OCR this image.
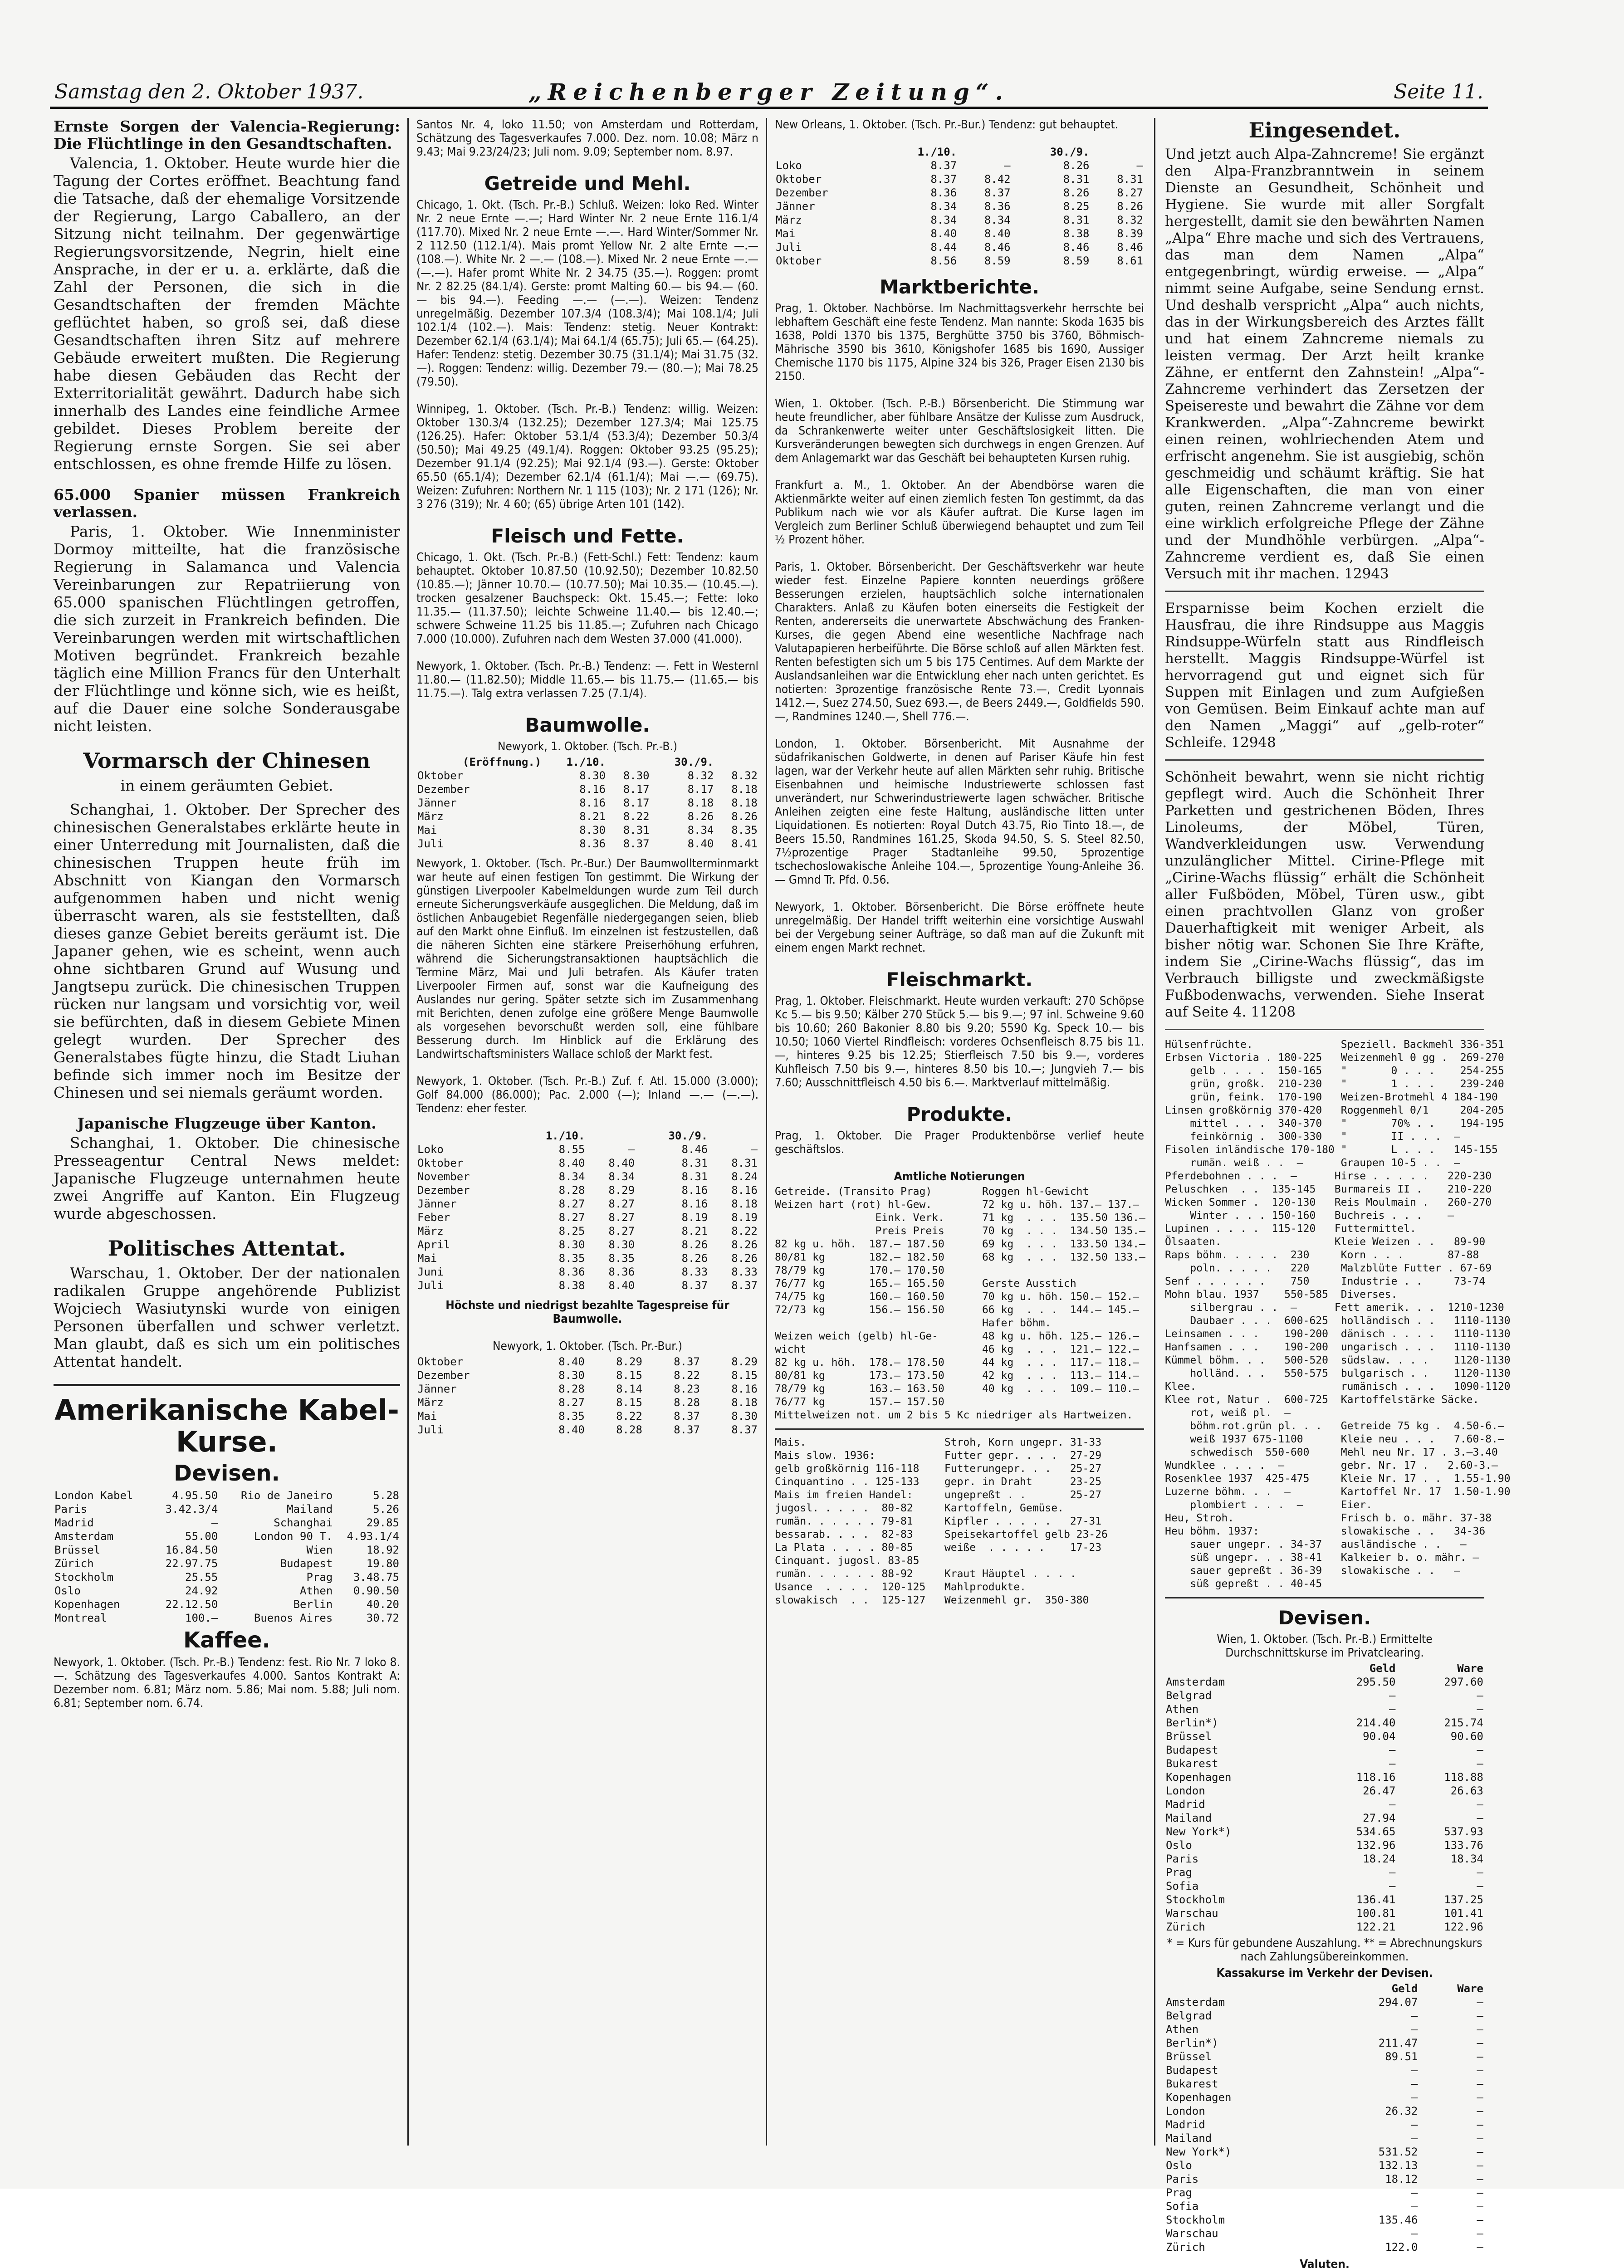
Samstag den 2. Oktober 1937.	„Reichenberger Zeitung“.	Seite 11.
Ernste Sorgen der Valencia-Regierung: Die Flüchtlinge in den Gesandtschaften.

Valencia, 1. Oktober. Heute wurde hier die Tagung der Cortes eröffnet. Beachtung fand die Tatsache, daß der ehemalige Vorsitzende der Regierung, Largo Caballero, an der Sitzung nicht teilnahm. Der gegenwärtige Regierungsvorsitzende, Negrin, hielt eine Ansprache, in der er u. a. erklärte, daß die Zahl der Personen, die sich in die Gesandtschaften der fremden Mächte geflüchtet haben, so groß sei, daß diese Gesandtschaften ihren Sitz auf mehrere Gebäude erweitert mußten. Die Regierung habe diesen Gebäuden das Recht der Exterritorialität gewährt. Dadurch habe sich innerhalb des Landes eine feindliche Armee gebildet. Dieses Problem bereite der Regierung ernste Sorgen. Sie sei aber entschlossen, es ohne fremde Hilfe zu lösen.

65.000 Spanier müssen Frankreich verlassen.

Paris, 1. Oktober. Wie Innenminister Dormoy mitteilte, hat die französische Regierung in Salamanca und Valencia Vereinbarungen zur Repatriierung von 65.000 spanischen Flüchtlingen getroffen, die sich zurzeit in Frankreich befinden. Die Vereinbarungen werden mit wirtschaftlichen Motiven begründet. Frankreich bezahle täglich eine Million Francs für den Unterhalt der Flüchtlinge und könne sich, wie es heißt, auf die Dauer eine solche Sonderausgabe nicht leisten.

Vormarsch der Chinesen
in einem geräumten Gebiet.

Schanghai, 1. Oktober. Der Sprecher des chinesischen Generalstabes erklärte heute in einer Unterredung mit Journalisten, daß die chinesischen Truppen heute früh im Abschnitt von Kiangan den Vormarsch aufgenommen haben und nicht wenig überrascht waren, als sie feststellten, daß dieses ganze Gebiet bereits geräumt ist. Die Japaner gehen, wie es scheint, wenn auch ohne sichtbaren Grund auf Wusung und Jangtsepu zurück. Die chinesischen Truppen rücken nur langsam und vorsichtig vor, weil sie befürchten, daß in diesem Gebiete Minen gelegt wurden. Der Sprecher des Generalstabes fügte hinzu, die Stadt Liuhan befinde sich immer noch im Besitze der Chinesen und sei niemals geräumt worden.

Japanische Flugzeuge über Kanton.

Schanghai, 1. Oktober. Die chinesische Presseagentur Central News meldet: Japanische Flugzeuge unternahmen heute zwei Angriffe auf Kanton. Ein Flugzeug wurde abgeschossen.

Politisches Attentat.

Warschau, 1. Oktober. Der der nationalen radikalen Gruppe angehörende Publizist Wojciech Wasiutynski wurde von einigen Personen überfallen und schwer verletzt. Man glaubt, daß es sich um ein politisches Attentat handelt.

Amerikanische Kabel-Kurse.
Devisen.
London Kabel	4.95.50	Rio de Janeiro	5.28
Paris	3.42.3/4	Mailand	5.26
Madrid	—	Schanghai	29.85
Amsterdam	55.00	London 90 T.	4.93.1/4
Brüssel	16.84.50	Wien	18.92
Zürich	22.97.75	Budapest	19.80
Stockholm	25.55	Prag	3.48.75
Oslo	24.92	Athen	0.90.50
Kopenhagen	22.12.50	Berlin	40.20
Montreal	100.—	Buenos Aires	30.72
Kaffee.
Newyork, 1. Oktober. (Tsch. Pr.-B.) Tendenz: fest. Rio Nr. 7 loko 8.—. Schätzung des Tagesverkaufes 4.000. Santos Kontrakt A: Dezember nom. 6.81; März nom. 5.86; Mai nom. 5.88; Juli nom. 6.81; September nom. 6.74.
Santos Nr. 4, loko 11.50; von Amsterdam und Rotterdam, Schätzung des Tagesverkaufes 7.000. Dez. nom. 10.08; März n 9.43; Mai 9.23/24/23; Juli nom. 9.09; September nom. 8.97.
Getreide und Mehl.
Chicago, 1. Okt. (Tsch. Pr.-B.) Schluß. Weizen: loko Red. Winter Nr. 2 neue Ernte —.—; Hard Winter Nr. 2 neue Ernte 116.1/4 (117.70). Mixed Nr. 2 neue Ernte —.—. Hard Winter/Sommer Nr. 2 112.50 (112.1/4). Mais promt Yellow Nr. 2 alte Ernte —.— (108.—). White Nr. 2 —.— (108.—). Mixed Nr. 2 neue Ernte —.— (—.—). Hafer promt White Nr. 2 34.75 (35.—). Roggen: promt Nr. 2 82.25 (84.1/4). Gerste: promt Malting 60.— bis 94.— (60.— bis 94.—). Feeding —.— (—.—). Weizen: Tendenz unregelmäßig. Dezember 107.3/4 (108.3/4); Mai 108.1/4; Juli 102.1/4 (102.—). Mais: Tendenz: stetig. Neuer Kontrakt: Dezember 62.1/4 (63.1/4); Mai 64.1/4 (65.75); Juli 65.— (64.25). Hafer: Tendenz: stetig. Dezember 30.75 (31.1/4); Mai 31.75 (32.—). Roggen: Tendenz: willig. Dezember 79.— (80.—); Mai 78.25 (79.50).
Winnipeg, 1. Oktober. (Tsch. Pr.-B.) Tendenz: willig. Weizen: Oktober 130.3/4 (132.25); Dezember 127.3/4; Mai 125.75 (126.25). Hafer: Oktober 53.1/4 (53.3/4); Dezember 50.3/4 (50.50); Mai 49.25 (49.1/4). Roggen: Oktober 93.25 (95.25); Dezember 91.1/4 (92.25); Mai 92.1/4 (93.—). Gerste: Oktober 65.50 (65.1/4); Dezember 62.1/4 (61.1/4); Mai —.— (69.75). Weizen: Zufuhren: Northern Nr. 1 115 (103); Nr. 2 171 (126); Nr. 3 276 (319); Nr. 4 60; (65) übrige Arten 101 (142).
Fleisch und Fette.
Chicago, 1. Okt. (Tsch. Pr.-B.) (Fett-Schl.) Fett: Tendenz: kaum behauptet. Oktober 10.87.50 (10.92.50); Dezember 10.82.50 (10.85.—); Jänner 10.70.— (10.77.50); Mai 10.35.— (10.45.—). trocken gesalzener Bauchspeck: Okt. 15.45.—; Fette: loko 11.35.— (11.37.50); leichte Schweine 11.40.— bis 12.40.—; schwere Schweine 11.25 bis 11.85.—; Zufuhren nach Chicago 7.000 (10.000). Zufuhren nach dem Westen 37.000 (41.000).
Newyork, 1. Oktober. (Tsch. Pr.-B.) Tendenz: —. Fett in Westernl 11.80.— (11.82.50); Middle 11.65.— bis 11.75.— (11.65.— bis 11.75.—). Talg extra verlassen 7.25 (7.1/4).
Baumwolle.
Newyork, 1. Oktober. (Tsch. Pr.-B.)
(Eröffnung.)	1./10.		30./9.	
Oktober	8.30	8.30	8.32	8.32
Dezember	8.16	8.17	8.17	8.18
Jänner	8.16	8.17	8.18	8.18
März	8.21	8.22	8.26	8.26
Mai	8.30	8.31	8.34	8.35
Juli	8.36	8.37	8.40	8.41
Newyork, 1. Oktober. (Tsch. Pr.-Bur.) Der Baumwollterminmarkt war heute auf einen festigen Ton gestimmt. Die Wirkung der günstigen Liverpooler Kabelmeldungen wurde zum Teil durch erneute Sicherungsverkäufe ausgeglichen. Die Meldung, daß im östlichen Anbaugebiet Regenfälle niedergegangen seien, blieb auf den Markt ohne Einfluß. Im einzelnen ist festzustellen, daß die näheren Sichten eine stärkere Preiserhöhung erfuhren, während die Sicherungstransaktionen hauptsächlich die Termine März, Mai und Juli betrafen. Als Käufer traten Liverpooler Firmen auf, sonst war die Kaufneigung des Auslandes nur gering. Später setzte sich im Zusammenhang mit Berichten, denen zufolge eine größere Menge Baumwolle als vorgesehen bevorschußt werden soll, eine fühlbare Besserung durch. Im Hinblick auf die Erklärung des Landwirtschaftsministers Wallace schloß der Markt fest.
Newyork, 1. Oktober. (Tsch. Pr.-B.) Zuf. f. Atl. 15.000 (3.000); Golf 84.000 (86.000); Pac. 2.000 (—); Inland —.— (—.—). Tendenz: eher fester.
	1./10.		30./9.	
Loko	8.55	—	8.46	—
Oktober	8.40	8.40	8.31	8.31
November	8.34	8.34	8.31	8.24
Dezember	8.28	8.29	8.16	8.16
Jänner	8.27	8.27	8.16	8.18
Feber	8.27	8.27	8.19	8.19
März	8.25	8.27	8.21	8.22
April	8.30	8.30	8.26	8.26
Mai	8.35	8.35	8.26	8.26
Juni	8.36	8.36	8.33	8.33
Juli	8.38	8.40	8.37	8.37
Höchste und niedrigst bezahlte Tagespreise für Baumwolle.
Newyork, 1. Oktober. (Tsch. Pr.-Bur.)
Oktober	8.40	8.29	8.37	8.29
Dezember	8.30	8.15	8.22	8.15
Jänner	8.28	8.14	8.23	8.16
März	8.27	8.15	8.28	8.18
Mai	8.35	8.22	8.37	8.30
Juli	8.40	8.28	8.37	8.37
New Orleans, 1. Oktober. (Tsch. Pr.-Bur.) Tendenz: gut behauptet.
	1./10.		30./9.	
Loko	8.37	—	8.26	—
Oktober	8.37	8.42	8.31	8.31
Dezember	8.36	8.37	8.26	8.27
Jänner	8.34	8.36	8.25	8.26
März	8.34	8.34	8.31	8.32
Mai	8.40	8.40	8.38	8.39
Juli	8.44	8.46	8.46	8.46
Oktober	8.56	8.59	8.59	8.61
Marktberichte.
Prag, 1. Oktober. Nachbörse. Im Nachmittagsverkehr herrschte bei lebhaftem Geschäft eine feste Tendenz. Man nannte: Skoda 1635 bis 1638, Poldi 1370 bis 1375, Berghütte 3750 bis 3760, Böhmisch-Mährische 3590 bis 3610, Königshofer 1685 bis 1690, Aussiger Chemische 1170 bis 1175, Alpine 324 bis 326, Prager Eisen 2130 bis 2150.
Wien, 1. Oktober. (Tsch. P.-B.) Börsenbericht. Die Stimmung war heute freundlicher, aber fühlbare Ansätze der Kulisse zum Ausdruck, da Schrankenwerte weiter unter Geschäftslosigkeit litten. Die Kursveränderungen bewegten sich durchwegs in engen Grenzen. Auf dem Anlagemarkt war das Geschäft bei behaupteten Kursen ruhig.
Frankfurt a. M., 1. Oktober. An der Abendbörse waren die Aktienmärkte weiter auf einen ziemlich festen Ton gestimmt, da das Publikum nach wie vor als Käufer auftrat. Die Kurse lagen im Vergleich zum Berliner Schluß überwiegend behauptet und zum Teil ½ Prozent höher.
Paris, 1. Oktober. Börsenbericht. Der Geschäftsverkehr war heute wieder fest. Einzelne Papiere konnten neuerdings größere Besserungen erzielen, hauptsächlich solche internationalen Charakters. Anlaß zu Käufen boten einerseits die Festigkeit der Renten, andererseits die unerwartete Abschwächung des Franken-Kurses, die gegen Abend eine wesentliche Nachfrage nach Valutapapieren herbeiführte. Die Börse schloß auf allen Märkten fest. Renten befestigten sich um 5 bis 175 Centimes. Auf dem Markte der Auslandsanleihen war die Entwicklung eher nach unten gerichtet. Es notierten: 3prozentige französische Rente 73.—, Credit Lyonnais 1412.—, Suez 274.50, Suez 693.—, de Beers 2449.—, Goldfields 590.—, Randmines 1240.—, Shell 776.—.
London, 1. Oktober. Börsenbericht. Mit Ausnahme der südafrikanischen Goldwerte, in denen auf Pariser Käufe hin fest lagen, war der Verkehr heute auf allen Märkten sehr ruhig. Britische Eisenbahnen und heimische Industriewerte schlossen fast unverändert, nur Schwerindustriewerte lagen schwächer. Britische Anleihen zeigten eine feste Haltung, ausländische litten unter Liquidationen. Es notierten: Royal Dutch 43.75, Rio Tinto 18.—, de Beers 15.50, Randmines 161.25, Skoda 94.50, S. S. Steel 82.50, 7½prozentige Prager Stadtanleihe 99.50, 5prozentige tschechoslowakische Anleihe 104.—, 5prozentige Young-Anleihe 36.— Gmnd Tr. Pfd. 0.56.
Newyork, 1. Oktober. Börsenbericht. Die Börse eröffnete heute unregelmäßig. Der Handel trifft weiterhin eine vorsichtige Auswahl bei der Vergebung seiner Aufträge, so daß man auf die Zukunft mit einem engen Markt rechnet.
Fleischmarkt.
Prag, 1. Oktober. Fleischmarkt. Heute wurden verkauft: 270 Schöpse Kc 5.— bis 9.50; Kälber 270 Stück 5.— bis 9.—; 97 inl. Schweine 9.60 bis 10.60; 260 Bakonier 8.80 bis 9.20; 5590 Kg. Speck 10.— bis 10.50; 1060 Viertel Rindfleisch: vorderes Ochsenfleisch 8.75 bis 11.—, hinteres 9.25 bis 12.25; Stierfleisch 7.50 bis 9.—, vorderes Kuhfleisch 7.50 bis 9.—, hinteres 8.50 bis 10.—; Jungvieh 7.— bis 7.60; Ausschnittfleisch 4.50 bis 6.—. Marktverlauf mittelmäßig.
Produkte.
Prag, 1. Oktober. Die Prager Produktenbörse verlief heute geschäftslos.
Amtliche Notierungen
Getreide. (Transito Prag)        Roggen hl-Gewicht
Weizen hart (rot) hl-Gew.        72 kg u. höh. 137.— 137.—
Eink. Verk.      71 kg  . . .  135.50 136.—
Preis Preis      70 kg  . . .  134.50 135.—
82 kg u. höh.  187.— 187.50      69 kg  . . .  133.50 134.—
80/81 kg       182.— 182.50      68 kg  . . .  132.50 133.—
78/79 kg       170.— 170.50
76/77 kg       165.— 165.50      Gerste Ausstich
74/75 kg       160.— 160.50      70 kg u. höh. 150.— 152.—
72/73 kg       156.— 156.50      66 kg  . . .  144.— 145.—
Hafer böhm.
Weizen weich (gelb) hl-Ge-       48 kg u. höh. 125.— 126.—
wicht                            46 kg  . . .  121.— 122.—
82 kg u. höh.  178.— 178.50      44 kg  . . .  117.— 118.—
80/81 kg       173.— 173.50      42 kg  . . .  113.— 114.—
78/79 kg       163.— 163.50      40 kg  . . .  109.— 110.—
76/77 kg       157.— 157.50
Mittelweizen not. um 2 bis 5 Kc niedriger als Hartweizen.
Mais.                      Stroh, Korn ungepr. 31-33
Mais slow. 1936:           Futter gepr. . . .  27-29
gelb großkörnig 116-118    Futterungepr. . .   25-27
Cinquantino . . 125-133    gepr. in Draht      23-25
Mais im freien Handel:     ungepreßt . .       25-27
jugosl. . . . .  80-82     Kartoffeln, Gemüse.
rumän. . . . . . 79-81     Kipfler . . . . .   27-31
bessarab. . . .  82-83     Speisekartoffel gelb 23-26
La Plata . . . . 80-85     weiße  . . . . .    17-23
Cinquant. jugosl. 83-85
rumän. . . . . . 88-92     Kraut Häuptel . . . .
Usance  . . . .  120-125   Mahlprodukte.
slowakisch  . .  125-127   Weizenmehl gr.  350-380
Eingesendet.
Und jetzt auch Alpa-Zahncreme! Sie ergänzt den Alpa-Franzbranntwein in seinem Dienste an Gesundheit, Schönheit und Hygiene. Sie wurde mit aller Sorgfalt hergestellt, damit sie den bewährten Namen „Alpa“ Ehre mache und sich des Vertrauens, das man dem Namen „Alpa“ entgegenbringt, würdig erweise. — „Alpa“ nimmt seine Aufgabe, seine Sendung ernst. Und deshalb verspricht „Alpa“ auch nichts, das in der Wirkungsbereich des Arztes fällt und hat einem Zahncreme niemals zu leisten vermag. Der Arzt heilt kranke Zähne, er entfernt den Zahnstein! „Alpa“-Zahncreme verhindert das Zersetzen der Speisereste und bewahrt die Zähne vor dem Krankwerden. „Alpa“-Zahncreme bewirkt einen reinen, wohlriechenden Atem und erfrischt angenehm. Sie ist ausgiebig, schön geschmeidig und schäumt kräftig. Sie hat alle Eigenschaften, die man von einer guten, reinen Zahncreme verlangt und die eine wirklich erfolgreiche Pflege der Zähne und der Mundhöhle verbürgen. „Alpa“-Zahncreme verdient es, daß Sie einen Versuch mit ihr machen. 12943
Ersparnisse beim Kochen erzielt die Hausfrau, die ihre Rindsuppe aus Maggis Rindsuppe-Würfeln statt aus Rindfleisch herstellt. Maggis Rindsuppe-Würfel ist hervorragend gut und eignet sich für Suppen mit Einlagen und zum Aufgießen von Gemüsen. Beim Einkauf achte man auf den Namen „Maggi“ auf „gelb-roter“ Schleife. 12948
Schönheit bewahrt, wenn sie nicht richtig gepflegt wird. Auch die Schönheit Ihrer Parketten und gestrichenen Böden, Ihres Linoleums, der Möbel, Türen, Wandverkleidungen usw. Verwendung unzulänglicher Mittel. Cirine-Pflege mit „Cirine-Wachs flüssig“ erhält die Schönheit aller Fußböden, Möbel, Türen usw., gibt einen prachtvollen Glanz von großer Dauerhaftigkeit mit weniger Arbeit, als bisher nötig war. Schonen Sie Ihre Kräfte, indem Sie „Cirine-Wachs flüssig“, das im Verbrauch billigste und zweckmäßigste Fußbodenwachs, verwenden. Siehe Inserat auf Seite 4. 11208
Hülsenfrüchte.              Speziell. Backmehl 336-351
Erbsen Victoria . 180-225   Weizenmehl 0 gg .  269-270
gelb . . . .  150-165   "       0 . . .    254-255
grün, großk.  210-230   "       1 . . .    239-240
grün, feink.  170-190   Weizen-Brotmehl 4 184-190
Linsen großkörnig 370-420   Roggenmehl 0/1     204-205
mittel . . .  340-370   "       70% . .    194-195
feinkörnig .  300-330   "       II . . .  —
Fisolen inländische 170-180 "       L . . .   145-155
rumän. weiß . .  —      Graupen 10-5 . .  —
Pferdebohnen . . .  —      Hirse . . . . .   220-230
Peluschken  . .  135-145   Burmareis II .    210-220
Wicken Sommer .  120-130   Reis Moulmain .   260-270
Winter . . . 150-160   Buchreis . . .    —
Lupinen . . . .  115-120   Futtermittel.
Ölsaaten.                  Kleie Weizen . .   89-90
Raps böhm. . . . .  230     Korn . . .       87-88
poln. . . . .   220     Malzblüte Futter . 67-69
Senf . . . . . .    750     Industrie . .     73-74
Mohn blau. 1937    550-585  Diverses.
silbergrau . .  —      Fett amerik. . .  1210-1230
Daubaer . . .  600-625  holländisch . .   1110-1130
Leinsamen . . .    190-200  dänisch . . . .   1110-1130
Hanfsamen . . .    190-200  ungarisch . . .   1110-1130
Kümmel böhm. . .   500-520  südslaw. . . .    1120-1130
holländ. . .   550-575  bulgarisch . .    1120-1130
Klee.                       rumänisch . . .   1090-1120
Klee rot, Natur .  600-725  Kartoffelstärke Säcke.
rot, weiß pl.  —
böhm.rot.grün pl. . .   Getreide 75 kg .  4.50-6.—
weiß 1937 675-1100      Kleie neu . . .   7.60-8.—
schwedisch  550-600     Mehl neu Nr. 17 . 3.—3.40
Wundklee . . . .  —         gebr. Nr. 17 .   2.60-3.—
Rosenklee 1937  425-475     Kleie Nr. 17 . .  1.55-1.90
Luzerne böhm. . .  —        Kartoffel Nr. 17  1.50-1.90
plombiert . . .  —      Eier.
Heu, Stroh.                 Frisch b. o. mähr. 37-38
Heu böhm. 1937:             slowakische . .   34-36
sauer ungepr. . 34-37   ausländische . .   —
süß ungepr. . . 38-41   Kalkeier b. o. mähr. —
sauer gepreßt . 36-39   slowakische . .   —
süß gepreßt . . 40-45
Devisen.
Wien, 1. Oktober. (Tsch. Pr.-B.) Ermittelte Durchschnittskurse im Privatclearing.
	Geld	Ware
Amsterdam	295.50	297.60
Belgrad	—	—
Athen	—	—
Berlin*)	214.40	215.74
Brüssel	90.04	90.60
Budapest	—	—
Bukarest	—	—
Kopenhagen	118.16	118.88
London	26.47	26.63
Madrid	—	—
Mailand	27.94	—
New York*)	534.65	537.93
Oslo	132.96	133.76
Paris	18.24	18.34
Prag	—	—
Sofia	—	—
Stockholm	136.41	137.25
Warschau	100.81	101.41
Zürich	122.21	122.96
* = Kurs für gebundene Auszahlung. ** = Abrechnungskurs nach Zahlungsübereinkommen.
Kassakurse im Verkehr der Devisen.
	Geld	Ware
Amsterdam	294.07	—
Belgrad	—	—
Athen	—	—
Berlin*)	211.47	—
Brüssel	89.51	—
Budapest	—	—
Bukarest	—	—
Kopenhagen	—	—
London	26.32	—
Madrid	—	—
Mailand	—	—
New York*)	531.52	—
Oslo	132.13	—
Paris	18.12	—
Prag	—	—
Sofia	—	—
Stockholm	135.46	—
Warschau	—	—
Zürich	122.0	—
Valuten.
